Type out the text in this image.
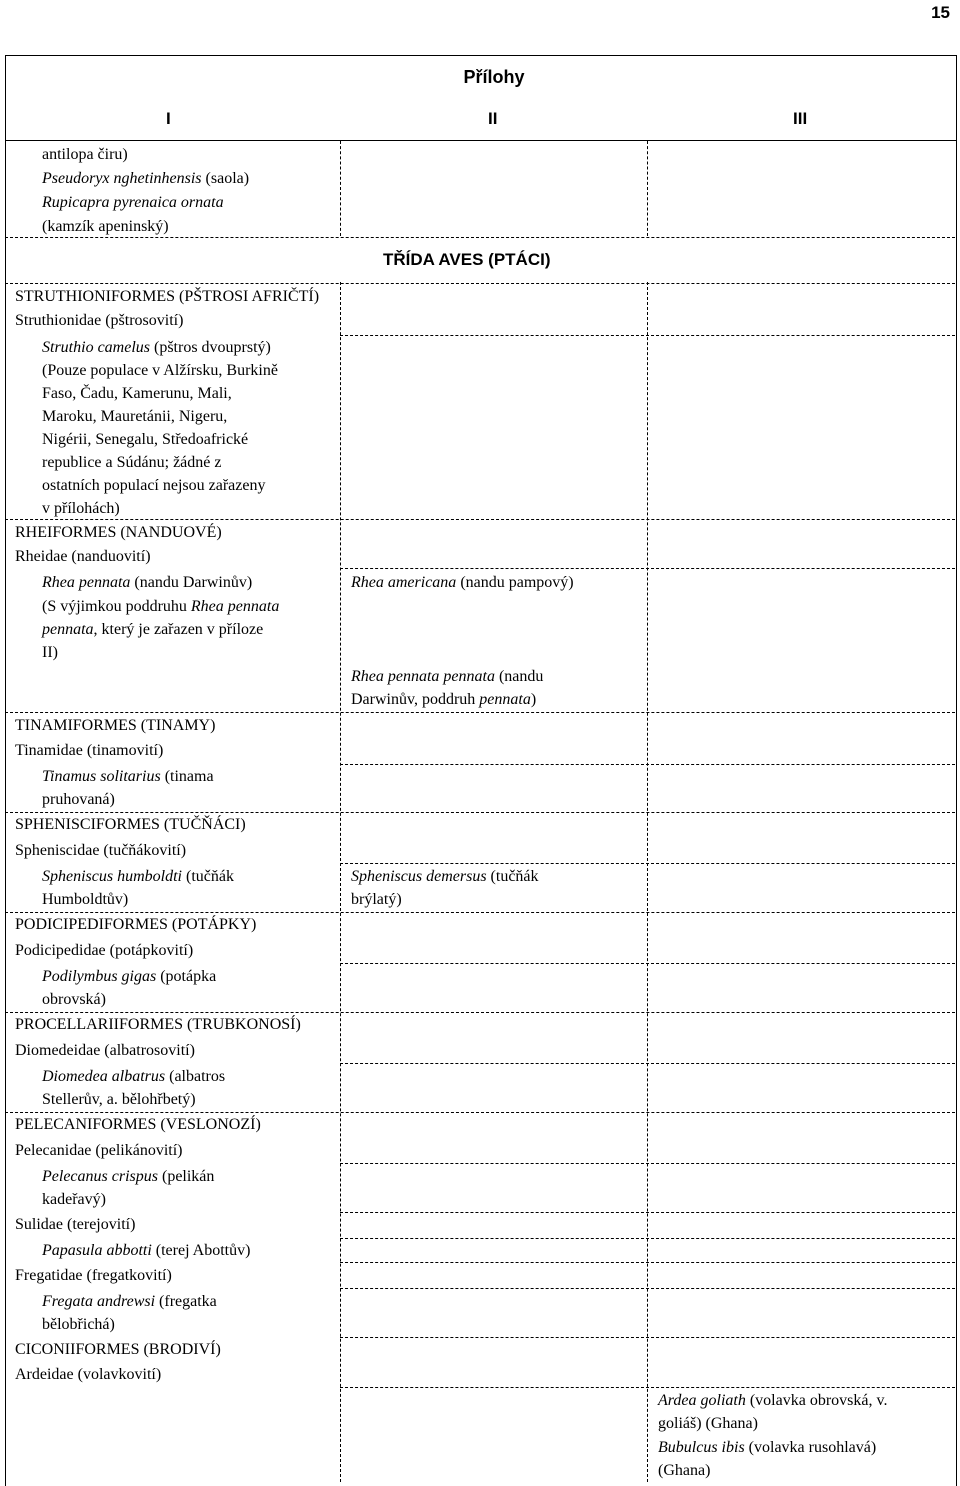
15
Přílohy
I	II	III
antilopa čiru)
Pseudoryx nghetinhensis (saola)
Rupicapra pyrenaica ornata
(kamzík apeninský)
TŘÍDA AVES (PTÁCI)
STRUTHIONIFORMES (PŠTROSI AFRIČTÍ)
Struthionidae (pštrosovití)
Struthio camelus (pštros dvouprstý)
(Pouze populace v Alžírsku, Burkině
Faso, Čadu, Kamerunu, Mali,
Maroku, Mauretánii, Nigeru,
Nigérii, Senegalu, Středoafrické
republice a Súdánu; žádné z
ostatních populací nejsou zařazeny
v přílohách)
RHEIFORMES (NANDUOVÉ)
Rheidae (nanduovití)
Rhea pennata (nandu Darwinův)
(S výjimkou poddruhu Rhea pennata
pennata, který je zařazen v příloze
II)
TINAMIFORMES (TINAMY)
Tinamidae (tinamovití)
Tinamus solitarius (tinama
pruhovaná)
SPHENISCIFORMES (TUČŇÁCI)
Spheniscidae (tučňákovití)
Spheniscus humboldti (tučňák
Humboldtův)
PODICIPEDIFORMES (POTÁPKY)
Podicipedidae (potápkovití)
Podilymbus gigas (potápka
obrovská)
PROCELLARIIFORMES (TRUBKONOSÍ)
Diomedeidae (albatrosovití)
Diomedea albatrus (albatros
Stellerův, a. bělohřbetý)
PELECANIFORMES (VESLONOZÍ)
Pelecanidae (pelikánovití)
Pelecanus crispus (pelikán
kadeřavý)
Sulidae (terejovití)
Papasula abbotti (terej Abottův)
Fregatidae (fregatkovití)
Fregata andrewsi (fregatka
bělobřichá)
CICONIIFORMES (BRODIVÍ)
Ardeidae (volavkovití)
Rhea americana (nandu pampový)
Rhea pennata pennata (nandu
Darwinův, poddruh pennata)
Spheniscus demersus (tučňák
brýlatý)
Ardea goliath (volavka obrovská, v.
goliáš) (Ghana)
Bubulcus ibis (volavka rusohlavá)
(Ghana)
